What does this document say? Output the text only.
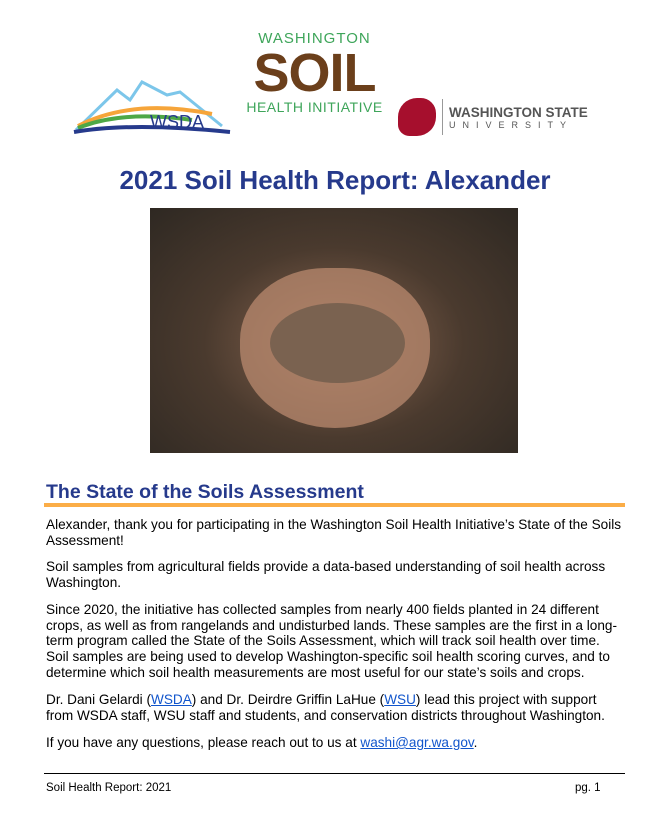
WSDA
WASHINGTON
SOIL
HEALTH INITIATIVE	WASHINGTON STATE
UNIVERSITY
2021 Soil Health Report: Alexander
The State of the Soils Assessment
Alexander, thank you for participating in the Washington Soil Health Initiative’s State of the Soils Assessment!
Soil samples from agricultural fields provide a data-based understanding of soil health across Washington.
Since 2020, the initiative has collected samples from nearly 400 fields planted in 24 different crops, as well as from rangelands and undisturbed lands. These samples are the first in a long-term program called the State of the Soils Assessment, which will track soil health over time. Soil samples are being used to develop Washington-specific soil health scoring curves, and to determine which soil health measurements are most useful for our state’s soils and crops.
Dr. Dani Gelardi (WSDA) and Dr. Deirdre Griffin LaHue (WSU) lead this project with support from WSDA staff, WSU staff and students, and conservation districts throughout Washington.
If you have any questions, please reach out to us at washi@agr.wa.gov.
Soil Health Report: 2021	pg. 1
